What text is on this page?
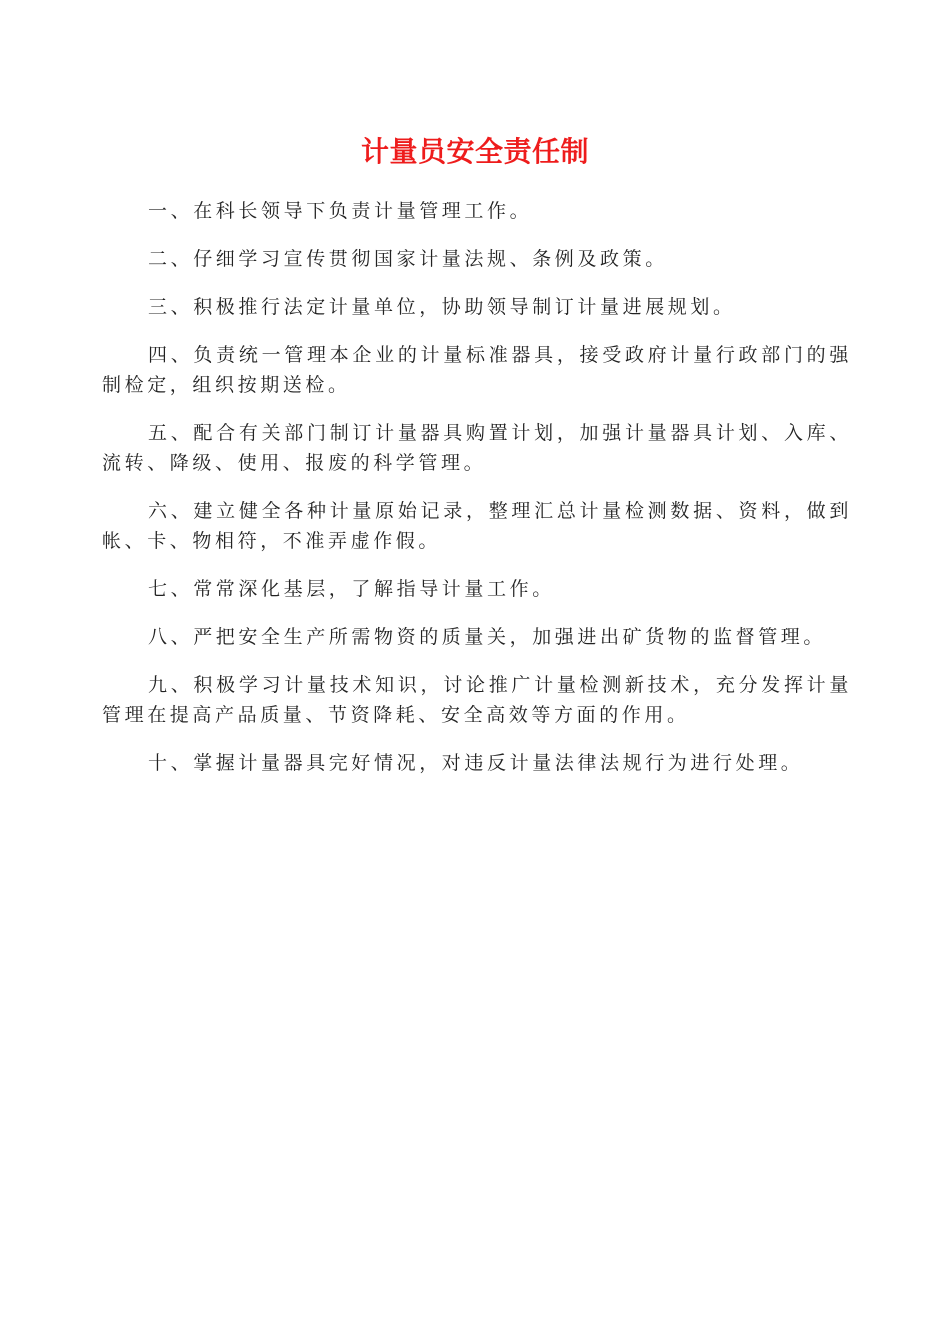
计量员安全责任制

一、在科长领导下负责计量管理工作。

二、仔细学习宣传贯彻国家计量法规、条例及政策。

三、积极推行法定计量单位，协助领导制订计量进展规划。

四、负责统一管理本企业的计量标准器具，接受政府计量行政部门的强制检定，组织按期送检。

五、配合有关部门制订计量器具购置计划，加强计量器具计划、入库、流转、降级、使用、报废的科学管理。

六、建立健全各种计量原始记录，整理汇总计量检测数据、资料，做到帐、卡、物相符，不准弄虚作假。

七、常常深化基层，了解指导计量工作。

八、严把安全生产所需物资的质量关，加强进出矿货物的监督管理。

九、积极学习计量技术知识，讨论推广计量检测新技术，充分发挥计量管理在提高产品质量、节资降耗、安全高效等方面的作用。

十、掌握计量器具完好情况，对违反计量法律法规行为进行处理。
